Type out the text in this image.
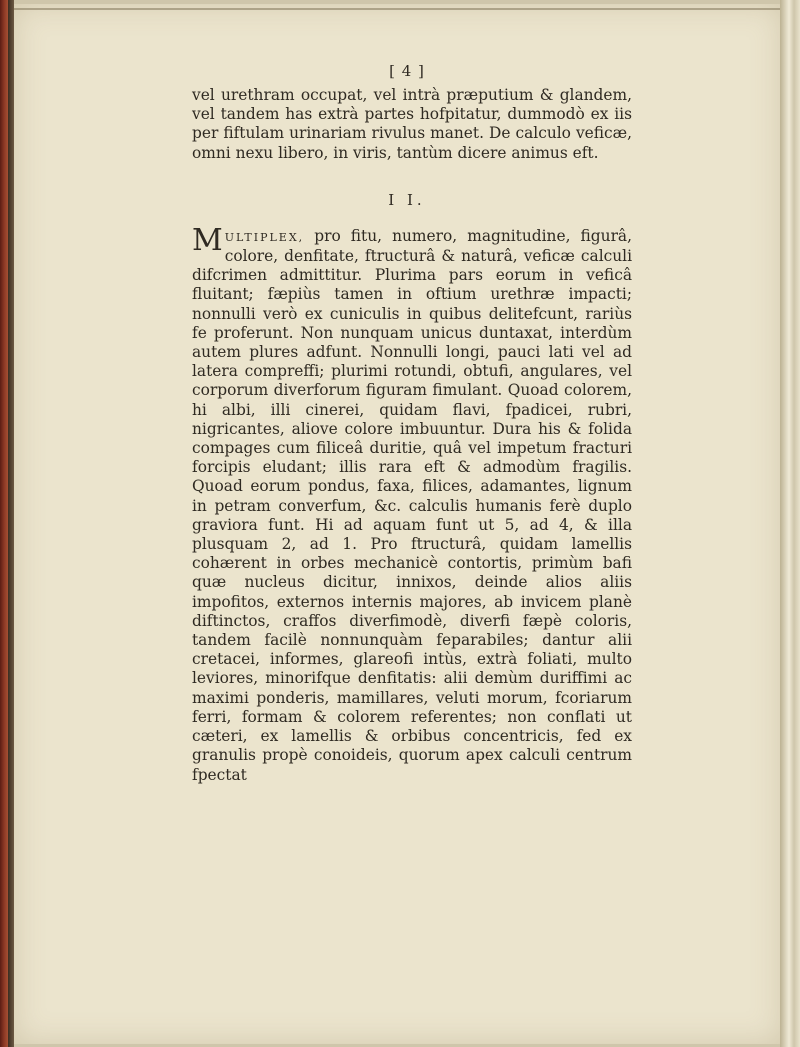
[ 4 ]

vel urethram occupat, vel intrà præputium & glandem, vel tandem has extrà partes hofpitatur, dummodò ex iis per fiftulam urinariam rivulus manet. De calculo veficæ, omni nexu libero, in viris, tantùm dicere animus eft.

I I.

MULTIPLEX, pro fitu, numero, magnitudine, figurâ, colore, denfitate, ftructurâ & naturâ, veficæ calculi difcrimen admittitur. Plurima pars eorum in veficâ fluitant; fæpiùs tamen in oftium urethræ impacti; nonnulli verò ex cuniculis in quibus delitefcunt, rariùs fe proferunt. Non nunquam unicus duntaxat, interdùm autem plures adfunt. Nonnulli longi, pauci lati vel ad latera compreffi; plurimi rotundi, obtufi, angulares, vel corporum diverforum figuram fimulant. Quoad colorem, hi albi, illi cinerei, quidam flavi, fpadicei, rubri, nigricantes, aliove colore imbuuntur. Dura his & folida compages cum filiceâ duritie, quâ vel impetum fracturi forcipis eludant; illis rara eft & admodùm fragilis. Quoad eorum pondus, faxa, filices, adamantes, lignum in petram converfum, &c. calculis humanis ferè duplo graviora funt. Hi ad aquam funt ut 5, ad 4, & illa plusquam 2, ad 1. Pro ftructurâ, quidam lamellis cohærent in orbes mechanicè contortis, primùm bafi quæ nucleus dicitur, innixos, deinde alios aliis impofitos, externos internis majores, ab invicem planè diftinctos, craffos diverfimodè, diverfi fæpè coloris, tandem facilè nonnunquàm feparabiles; dantur alii cretacei, informes, glareofi intùs, extrà foliati, multo leviores, minorifque denfitatis: alii demùm duriffimi ac maximi ponderis, mamillares, veluti morum, fcoriarum ferri, formam & colorem referentes; non conflati ut cæteri, ex lamellis & orbibus concentricis, fed ex granulis propè conoideis, quorum apex calculi centrum fpectat
